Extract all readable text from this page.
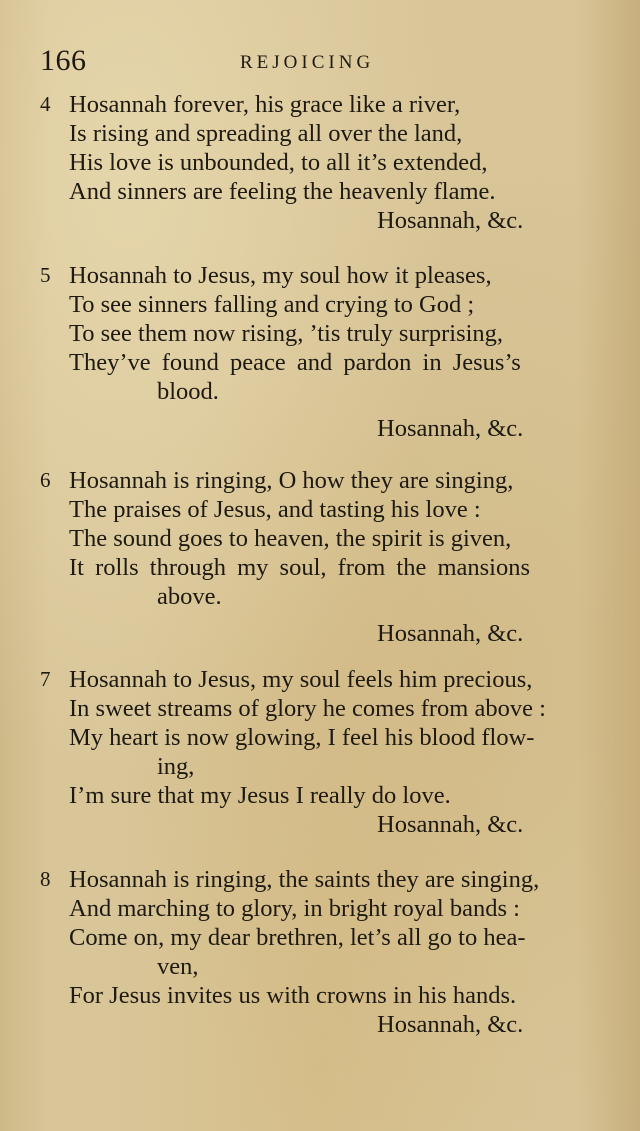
166	REJOICING
4 Hosannah forever, his grace like a river,
Is rising and spreading all over the land,
His love is unbounded, to all it’s extended,
And sinners are feeling the heavenly flame.
Hosannah, &c.
5 Hosannah to Jesus, my soul how it pleases,
To see sinners falling and crying to God ;
To see them now rising, ’tis truly surprising,
They’ve found peace and pardon in Jesus’s
blood.
Hosannah, &c.
6 Hosannah is ringing, O how they are singing,
The praises of Jesus, and tasting his love :
The sound goes to heaven, the spirit is given,
It rolls through my soul, from the mansions
above.
Hosannah, &c.
7 Hosannah to Jesus, my soul feels him precious,
In sweet streams of glory he comes from above :
My heart is now glowing, I feel his blood flow-
ing,
I’m sure that my Jesus I really do love.
Hosannah, &c.
8 Hosannah is ringing, the saints they are singing,
And marching to glory, in bright royal bands :
Come on, my dear brethren, let’s all go to hea-
ven,
For Jesus invites us with crowns in his hands.
Hosannah, &c.
